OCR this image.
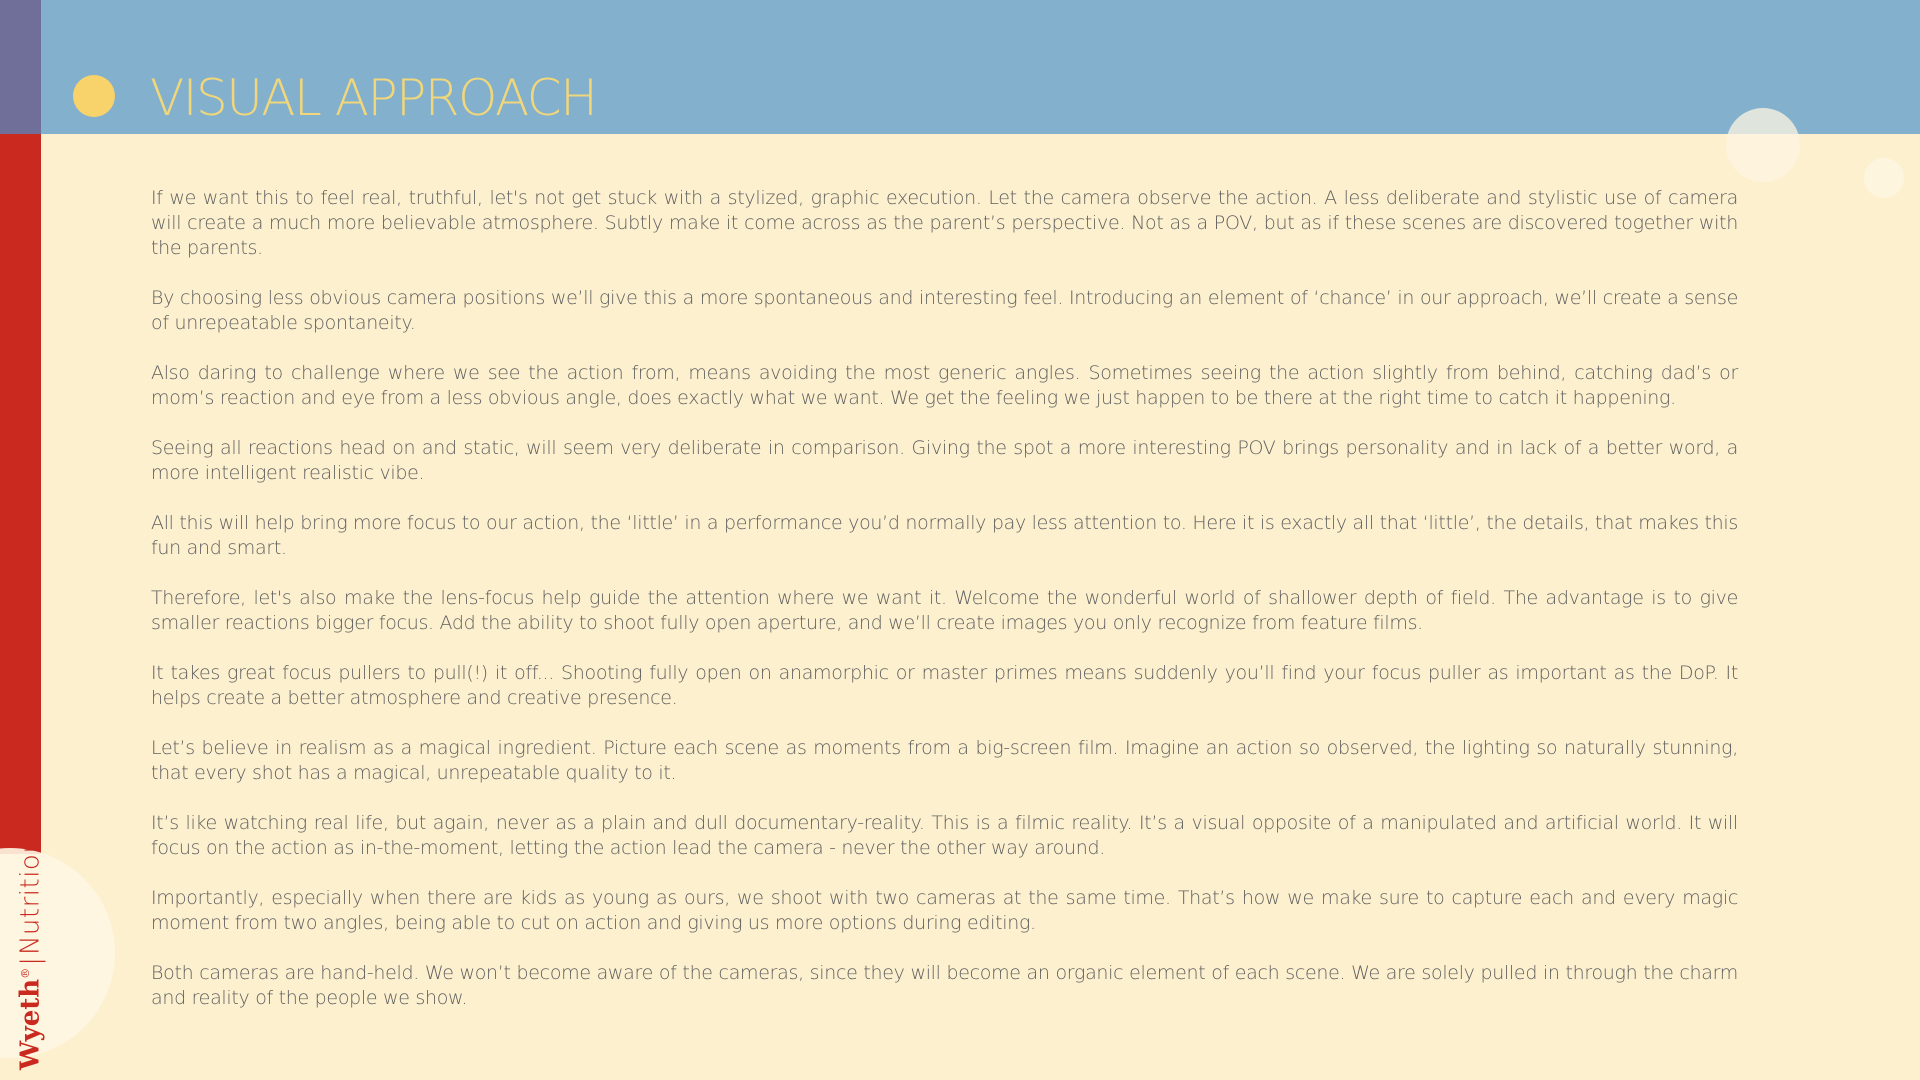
VISUAL APPROACH
Wyeth®|Nutrition

If we want this to feel real, truthful, let's not get stuck with a stylized, graphic execution. Let the camera observe the action. A less deliberate and stylistic use of camera will create a much more believable atmosphere. Subtly make it come across as the parent’s perspective. Not as a POV, but as if these scenes are discovered together with the parents.

By choosing less obvious camera positions we’ll give this a more spontaneous and interesting feel. Introducing an element of ‘chance’ in our approach, we’ll create a sense of unrepeatable spontaneity.

Also daring to challenge where we see the action from, means avoiding the most generic angles. Sometimes seeing the action slightly from behind, catching dad’s or mom’s reaction and eye from a less obvious angle, does exactly what we want. We get the feeling we just happen to be there at the right time to catch it happening.

Seeing all reactions head on and static, will seem very deliberate in comparison. Giving the spot a more interesting POV brings personality and in lack of a better word, a more intelligent realistic vibe.

All this will help bring more focus to our action, the ‘little’ in a performance you’d normally pay less attention to. Here it is exactly all that ‘little’, the details, that makes this fun and smart.

Therefore, let's also make the lens-focus help guide the attention where we want it. Welcome the wonderful world of shallower depth of field. The advantage is to give smaller reactions bigger focus. Add the ability to shoot fully open aperture, and we’ll create images you only recognize from feature films.

It takes great focus pullers to pull(!) it off... Shooting fully open on anamorphic or master primes means suddenly you’ll find your focus puller as important as the DoP. It helps create a better atmosphere and creative presence.

Let’s believe in realism as a magical ingredient. Picture each scene as moments from a big-screen film. Imagine an action so observed, the lighting so naturally stunning, that every shot has a magical, unrepeatable quality to it.

It’s like watching real life, but again, never as a plain and dull documentary-reality. This is a filmic reality. It’s a visual opposite of a manipulated and artificial world. It will focus on the action as in-the-moment, letting the action lead the camera - never the other way around.

Importantly, especially when there are kids as young as ours, we shoot with two cameras at the same time. That’s how we make sure to capture each and every magic moment from two angles, being able to cut on action and giving us more options during editing.

Both cameras are hand-held. We won’t become aware of the cameras, since they will become an organic element of each scene. We are solely pulled in through the charm and reality of the people we show.
